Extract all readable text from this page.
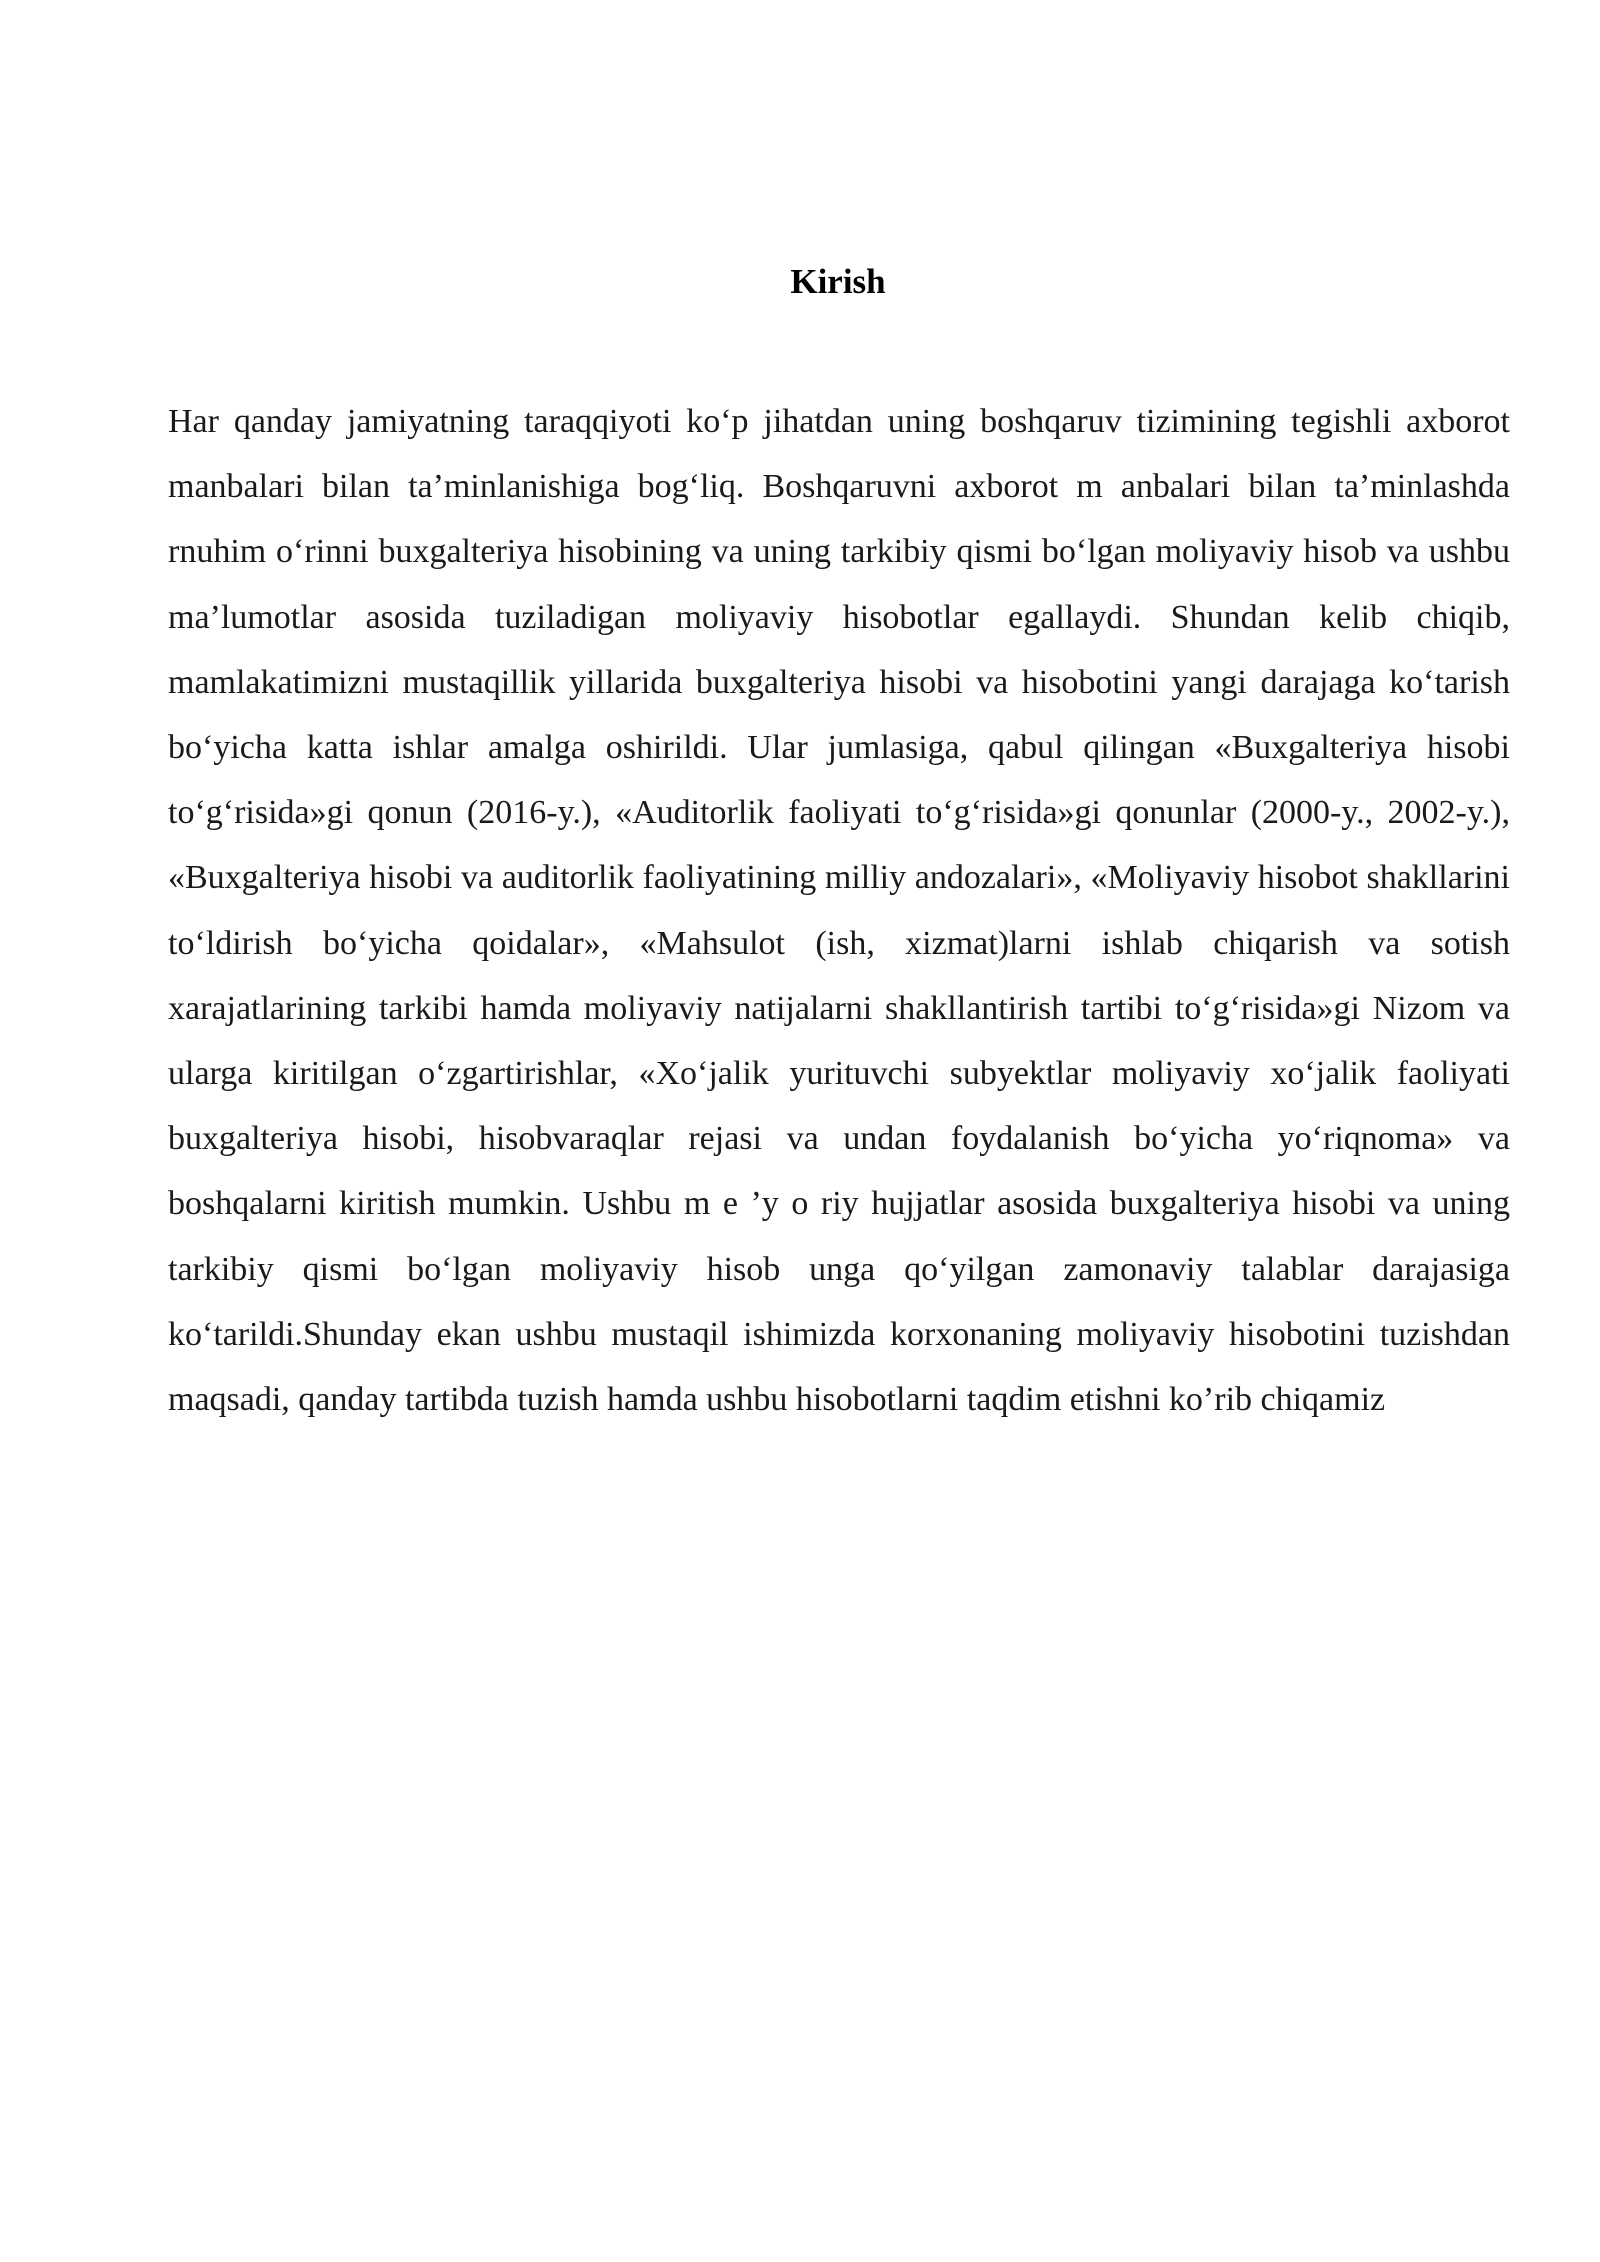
Kirish

Har qanday jamiyatning taraqqiyoti ko‘p jihatdan uning boshqaruv tizimining tegishli axborot manbalari bilan ta’minlanishiga bog‘liq. Boshqaruvni axborot m anbalari bilan ta’minlashda rnuhim o‘rinni buxgalteriya hisobining va uning tarkibiy qismi bo‘lgan moliyaviy hisob va ushbu ma’lumotlar asosida tuziladigan moliyaviy hisobotlar egallaydi. Shundan kelib chiqib, mamlakatimizni mustaqillik yillarida buxgalteriya hisobi va hisobotini yangi darajaga ko‘tarish bo‘yicha katta ishlar amalga oshirildi. Ular jumlasiga, qabul qilingan «Buxgalteriya hisobi to‘g‘risida»gi qonun (2016-y.), «Auditorlik faoliyati to‘g‘risida»gi qonunlar (2000-y., 2002-y.), «Buxgalteriya hisobi va auditorlik faoliyatining milliy andozalari», «Moliyaviy hisobot shakllarini to‘ldirish bo‘yicha qoidalar», «Mahsulot (ish, xizmat)larni ishlab chiqarish va sotish xarajatlarining tarkibi hamda moliyaviy natijalarni shakllantirish tartibi to‘g‘risida»gi Nizom va ularga kiritilgan o‘zgartirishlar, «Xo‘jalik yurituvchi subyektlar moliyaviy xo‘jalik faoliyati buxgalteriya hisobi, hisobvaraqlar rejasi va undan foydalanish bo‘yicha yo‘riqnoma» va boshqalarni kiritish mumkin. Ushbu m e ’y o riy hujjatlar asosida buxgalteriya hisobi va uning tarkibiy qismi bo‘lgan moliyaviy hisob unga qo‘yilgan zamonaviy talablar darajasiga ko‘tarildi.Shunday ekan ushbu mustaqil ishimizda korxonaning moliyaviy hisobotini tuzishdan maqsadi, qanday tartibda tuzish hamda ushbu hisobotlarni taqdim etishni ko’rib chiqamiz
